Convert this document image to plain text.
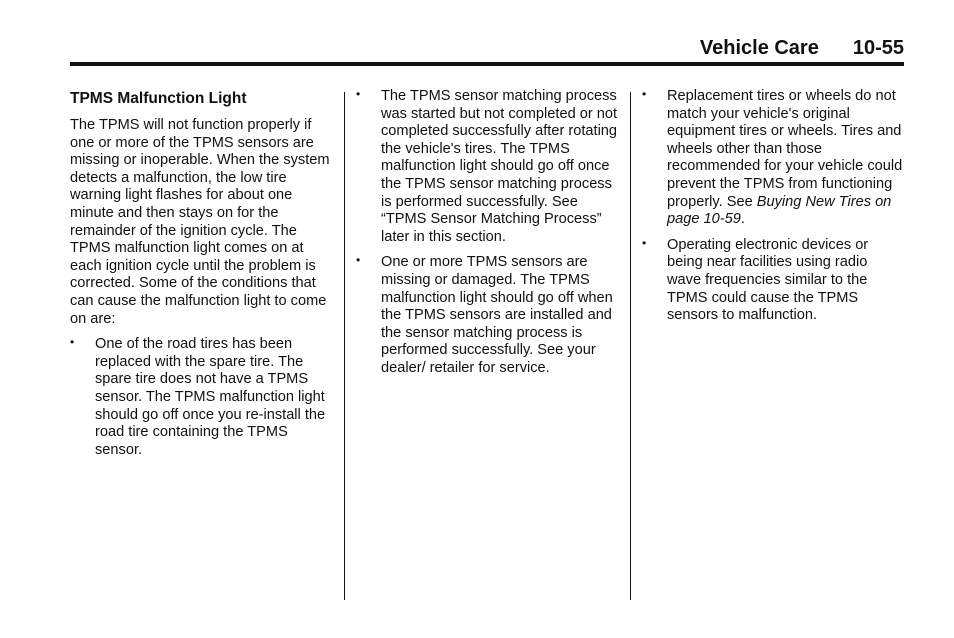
Vehicle Care 10-55
TPMS Malfunction Light

The TPMS will not function properly if one or more of the TPMS sensors are missing or inoperable. When the system detects a malfunction, the low tire warning light flashes for about one minute and then stays on for the remainder of the ignition cycle. The TPMS malfunction light comes on at each ignition cycle until the problem is corrected. Some of the conditions that can cause the malfunction light to come on are:

• One of the road tires has been replaced with the spare tire. The spare tire does not have a TPMS sensor. The TPMS malfunction light should go off once you re-install the road tire containing the TPMS sensor.
• The TPMS sensor matching process was started but not completed or not completed successfully after rotating the vehicle's tires. The TPMS malfunction light should go off once the TPMS sensor matching process is performed successfully. See “TPMS Sensor Matching Process” later in this section.
• One or more TPMS sensors are missing or damaged. The TPMS malfunction light should go off when the TPMS sensors are installed and the sensor matching process is performed successfully. See your dealer/ retailer for service.
• Replacement tires or wheels do not match your vehicle's original equipment tires or wheels. Tires and wheels other than those recommended for your vehicle could prevent the TPMS from functioning properly. See Buying New Tires on page 10-59.
• Operating electronic devices or being near facilities using radio wave frequencies similar to the TPMS could cause the TPMS sensors to malfunction.
